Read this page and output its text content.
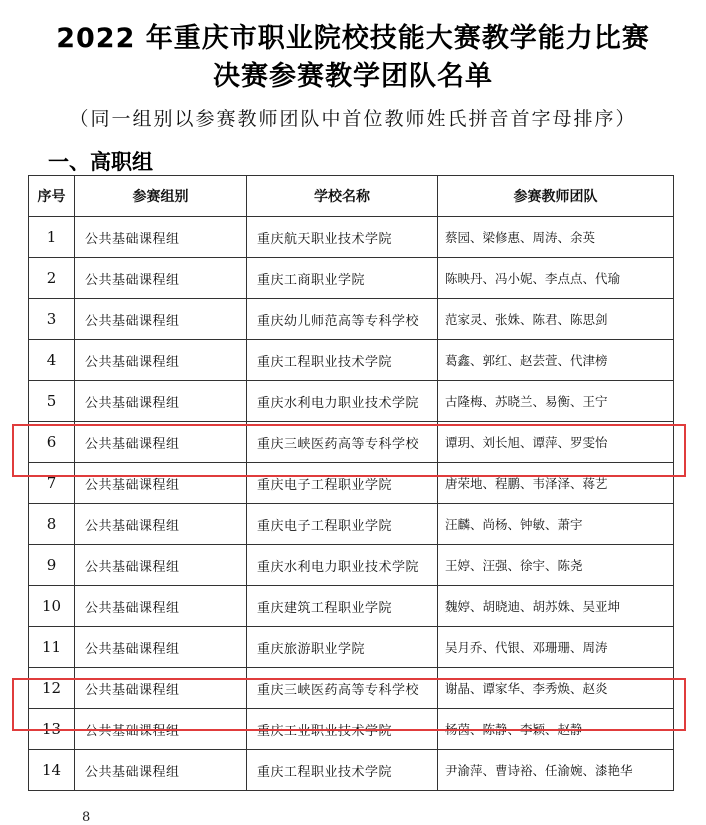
2022 年重庆市职业院校技能大赛教学能力比赛
决赛参赛教学团队名单
（同一组别以参赛教师团队中首位教师姓氏拼音首字母排序）
一、高职组
序号	参赛组别	学校名称	参赛教师团队
1	公共基础课程组	重庆航天职业技术学院	蔡园、梁修惠、周涛、余英
2	公共基础课程组	重庆工商职业学院	陈映丹、冯小妮、李点点、代瑜
3	公共基础课程组	重庆幼儿师范高等专科学校	范家灵、张姝、陈君、陈思剑
4	公共基础课程组	重庆工程职业技术学院	葛鑫、郭红、赵芸萱、代津榜
5	公共基础课程组	重庆水利电力职业技术学院	古隆梅、苏晓兰、易衡、王宁
6	公共基础课程组	重庆三峡医药高等专科学校	谭玥、刘长旭、谭萍、罗雯怡
7	公共基础课程组	重庆电子工程职业学院	唐荣地、程鹏、韦泽泽、蒋艺
8	公共基础课程组	重庆电子工程职业学院	汪麟、尚杨、钟敏、萧宇
9	公共基础课程组	重庆水利电力职业技术学院	王婷、汪强、徐宇、陈尧
10	公共基础课程组	重庆建筑工程职业学院	魏婷、胡晓迪、胡苏姝、吴亚坤
11	公共基础课程组	重庆旅游职业学院	吴月乔、代银、邓珊珊、周涛
12	公共基础课程组	重庆三峡医药高等专科学校	谢晶、谭家华、李秀焕、赵炎
13	公共基础课程组	重庆工业职业技术学院	杨茵、陈静、李颖、赵静
14	公共基础课程组	重庆工程职业技术学院	尹渝萍、曹诗裕、任渝婉、漆艳华
8
